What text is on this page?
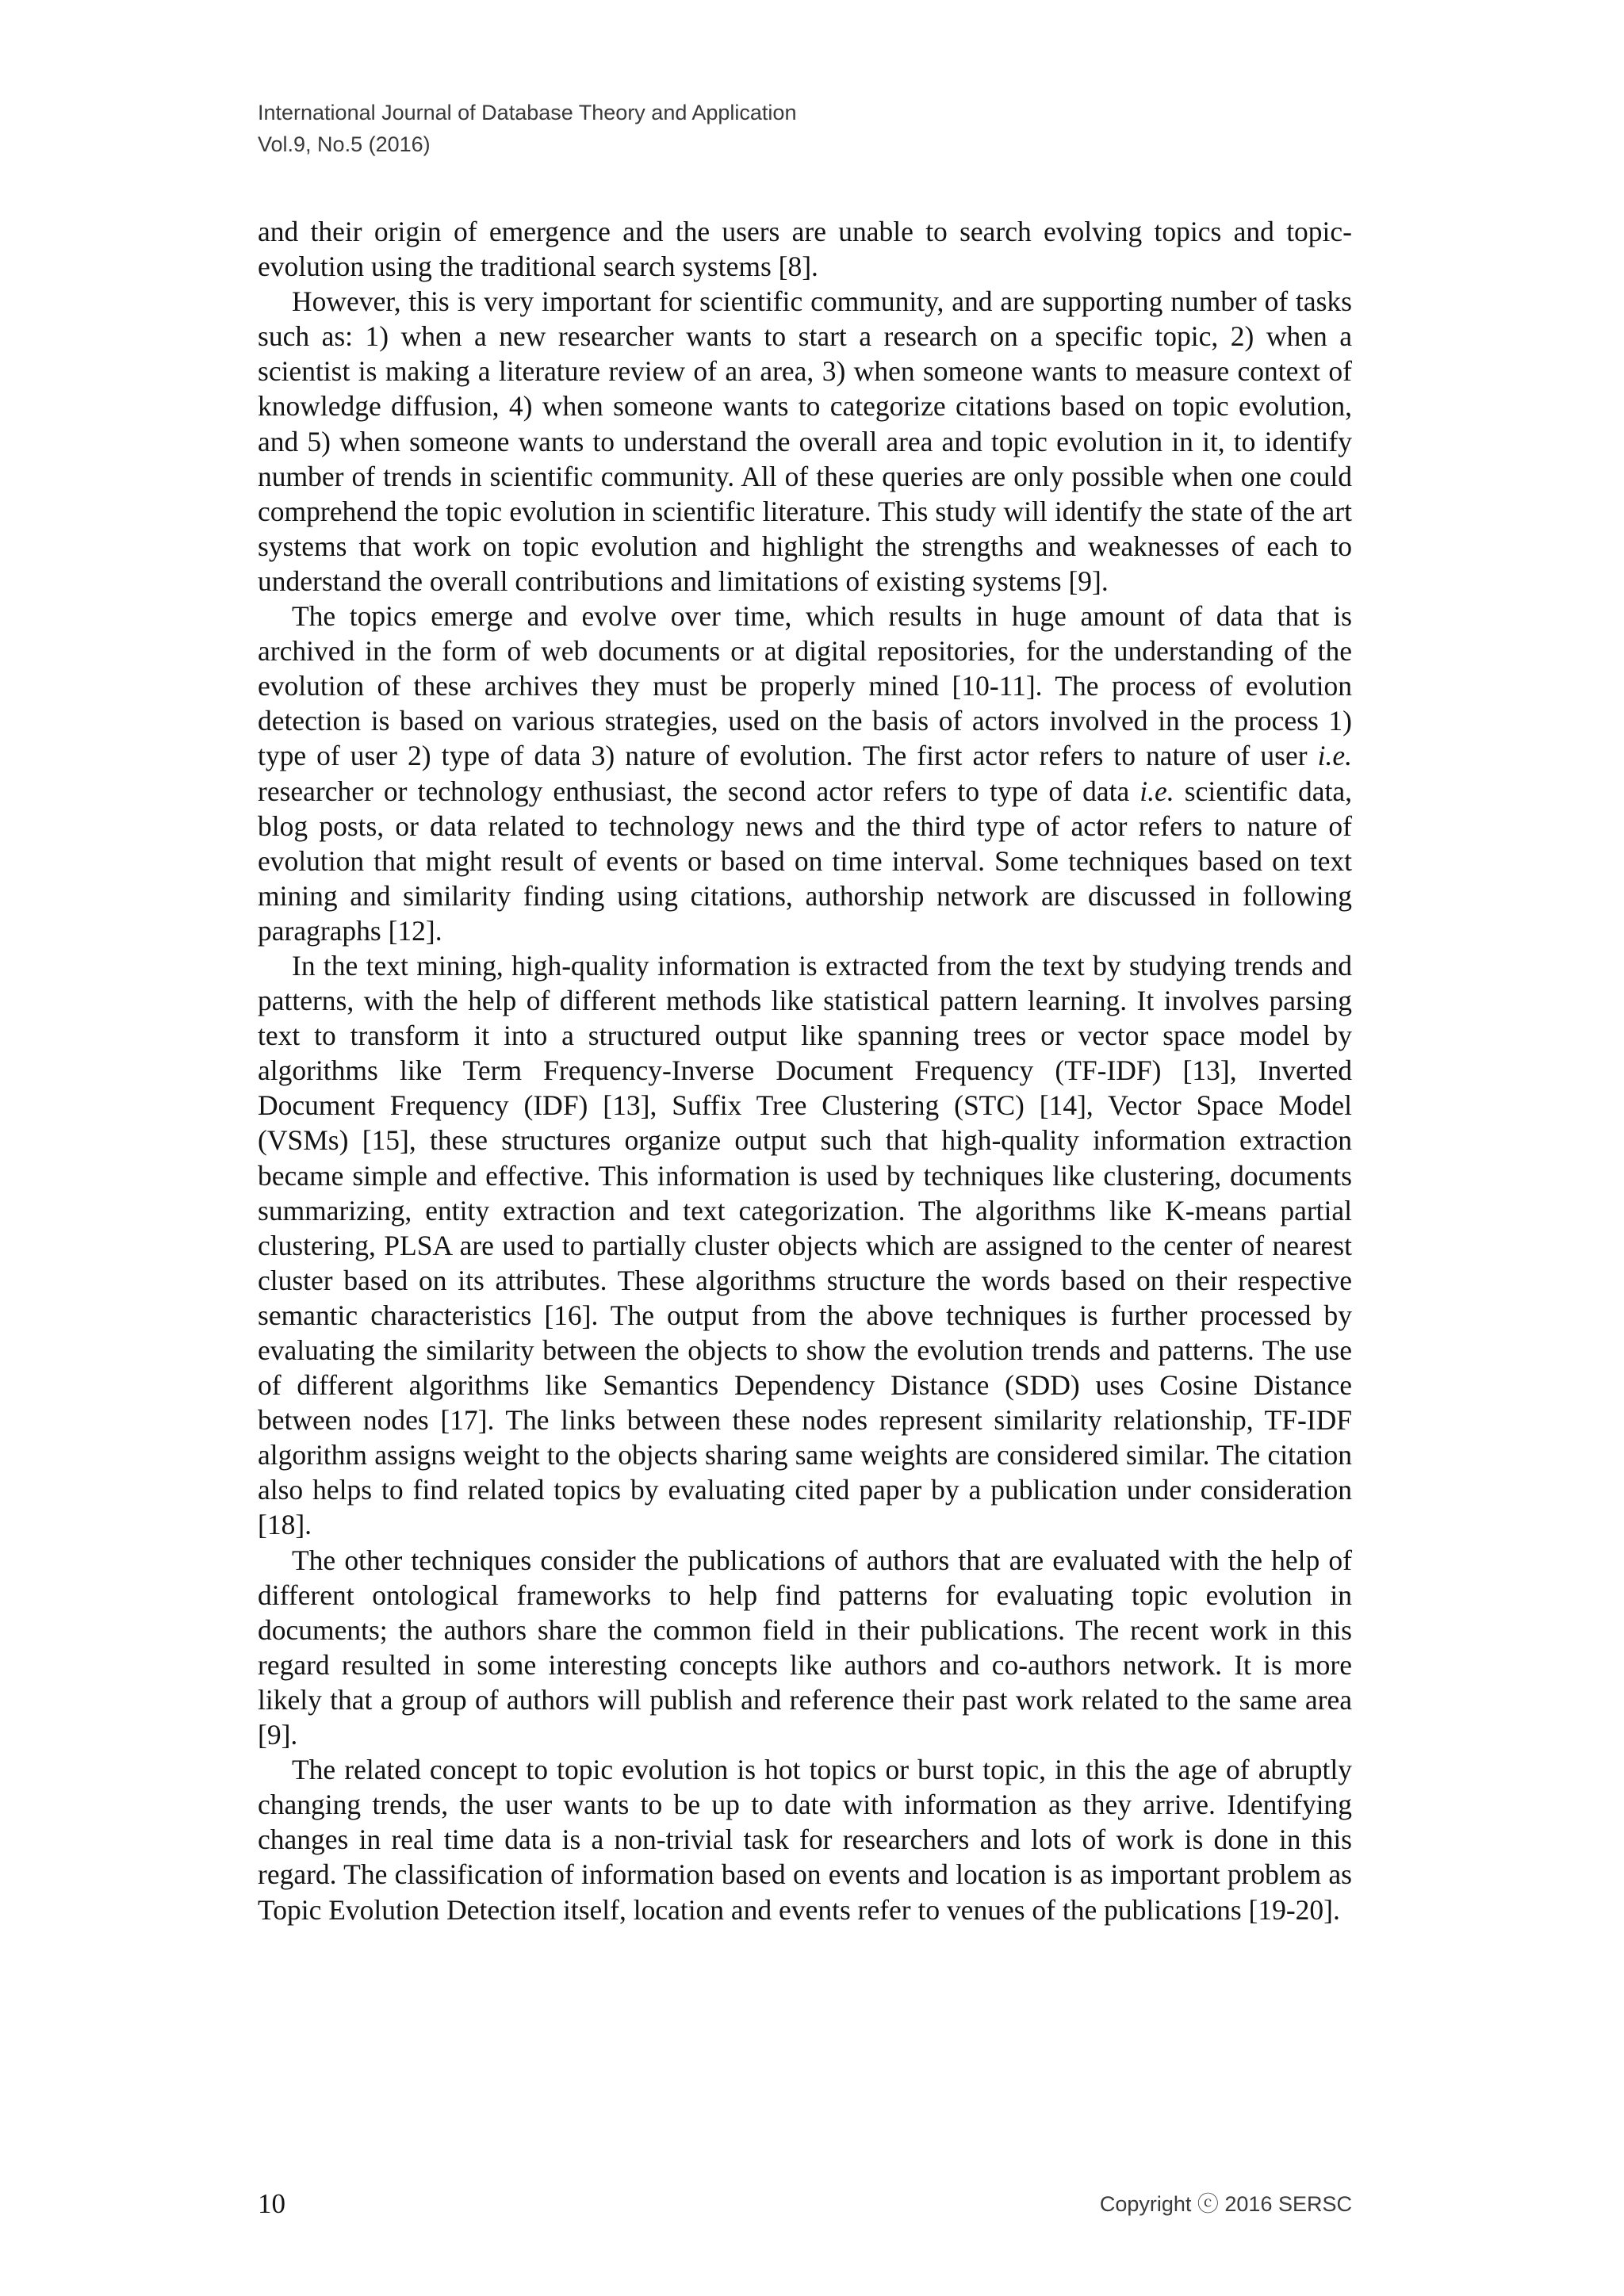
International Journal of Database Theory and Application
Vol.9, No.5 (2016)

and their origin of emergence and the users are unable to search evolving topics and topic-evolution using the traditional search systems [8].

However, this is very important for scientific community, and are supporting number of tasks such as: 1) when a new researcher wants to start a research on a specific topic, 2) when a scientist is making a literature review of an area, 3) when someone wants to measure context of knowledge diffusion, 4) when someone wants to categorize citations based on topic evolution, and 5) when someone wants to understand the overall area and topic evolution in it, to identify number of trends in scientific community. All of these queries are only possible when one could comprehend the topic evolution in scientific literature. This study will identify the state of the art systems that work on topic evolution and highlight the strengths and weaknesses of each to understand the overall contributions and limitations of existing systems [9].

The topics emerge and evolve over time, which results in huge amount of data that is archived in the form of web documents or at digital repositories, for the understanding of the evolution of these archives they must be properly mined [10-11]. The process of evolution detection is based on various strategies, used on the basis of actors involved in the process 1) type of user 2) type of data 3) nature of evolution. The first actor refers to nature of user i.e. researcher or technology enthusiast, the second actor refers to type of data i.e. scientific data, blog posts, or data related to technology news and the third type of actor refers to nature of evolution that might result of events or based on time interval. Some techniques based on text mining and similarity finding using citations, authorship network are discussed in following paragraphs [12].

In the text mining, high-quality information is extracted from the text by studying trends and patterns, with the help of different methods like statistical pattern learning. It involves parsing text to transform it into a structured output like spanning trees or vector space model by algorithms like Term Frequency-Inverse Document Frequency (TF-IDF) [13], Inverted Document Frequency (IDF) [13], Suffix Tree Clustering (STC) [14], Vector Space Model (VSMs) [15], these structures organize output such that high-quality information extraction became simple and effective. This information is used by techniques like clustering, documents summarizing, entity extraction and text categorization. The algorithms like K-means partial clustering, PLSA are used to partially cluster objects which are assigned to the center of nearest cluster based on its attributes. These algorithms structure the words based on their respective semantic characteristics [16]. The output from the above techniques is further processed by evaluating the similarity between the objects to show the evolution trends and patterns. The use of different algorithms like Semantics Dependency Distance (SDD) uses Cosine Distance between nodes [17]. The links between these nodes represent similarity relationship, TF-IDF algorithm assigns weight to the objects sharing same weights are considered similar. The citation also helps to find related topics by evaluating cited paper by a publication under consideration [18].

The other techniques consider the publications of authors that are evaluated with the help of different ontological frameworks to help find patterns for evaluating topic evolution in documents; the authors share the common field in their publications. The recent work in this regard resulted in some interesting concepts like authors and co-authors network. It is more likely that a group of authors will publish and reference their past work related to the same area [9].

The related concept to topic evolution is hot topics or burst topic, in this the age of abruptly changing trends, the user wants to be up to date with information as they arrive. Identifying changes in real time data is a non-trivial task for researchers and lots of work is done in this regard. The classification of information based on events and location is as important problem as Topic Evolution Detection itself, location and events refer to venues of the publications [19-20].

10	Copyright ⓒ 2016 SERSC
